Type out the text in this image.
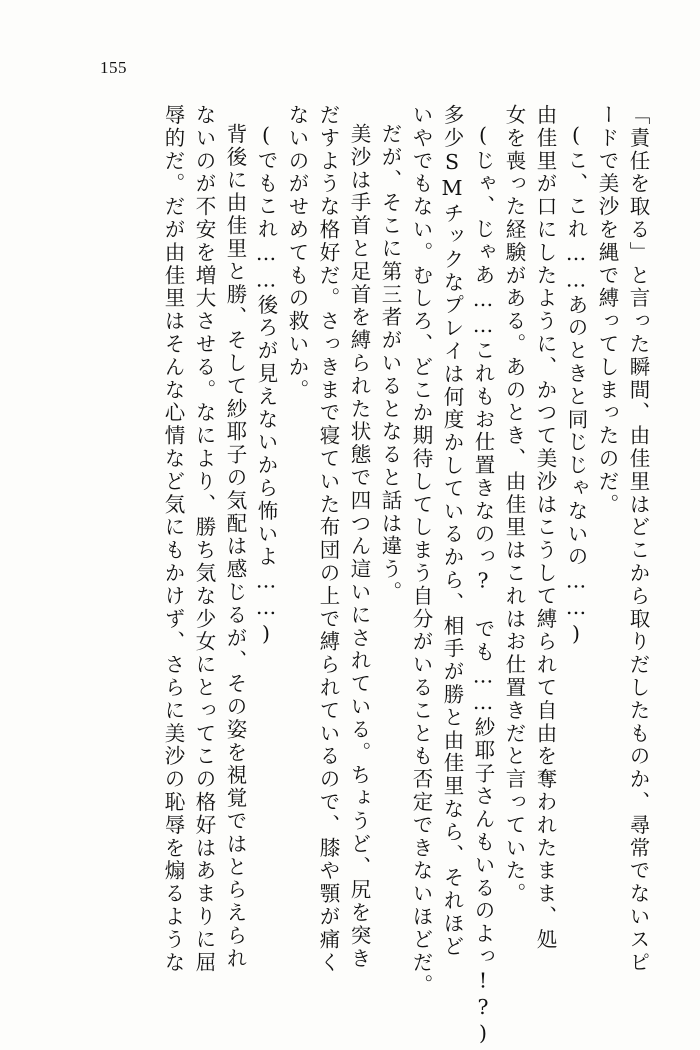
155
辱的だ。だが由佳里はそんな心情など気にもかけず、さらに美沙の恥辱を煽るような ないのが不安を増大させる。なにより、勝ち気な少女にとってこの格好はあまりに屈 背後に由佳里と勝、そして紗耶子の気配は感じるが、その姿を視覚ではとらえられ (でもこれ……後ろが見えないから怖いよ……) ないのがせめてもの救いか。 だすような格好だ。さっきまで寝ていた布団の上で縛られているので、膝や顎が痛く 美沙は手首と足首を縛られた状態で四つん這いにされている。ちょうど、尻を突き だが、そこに第三者がいるとなると話は違う。 いやでもない。むしろ、どこか期待してしまう自分がいることも否定できないほどだ。 多少SMチックなプレイは何度かしているから、相手が勝と由佳里なら、それほど (じゃ、じゃあ……これもお仕置きなのっ?　でも……紗耶子さんもいるのよっ!?) 女を喪った経験がある。あのとき、由佳里はこれはお仕置きだと言っていた。 由佳里が口にしたように、かつて美沙はこうして縛られて自由を奪われたまま、処 (こ、これ……あのときと同じじゃないの……) ードで美沙を縄で縛ってしまったのだ。 「責任を取る」と言った瞬間、由佳里はどこから取りだしたものか、尋常でないスピ
